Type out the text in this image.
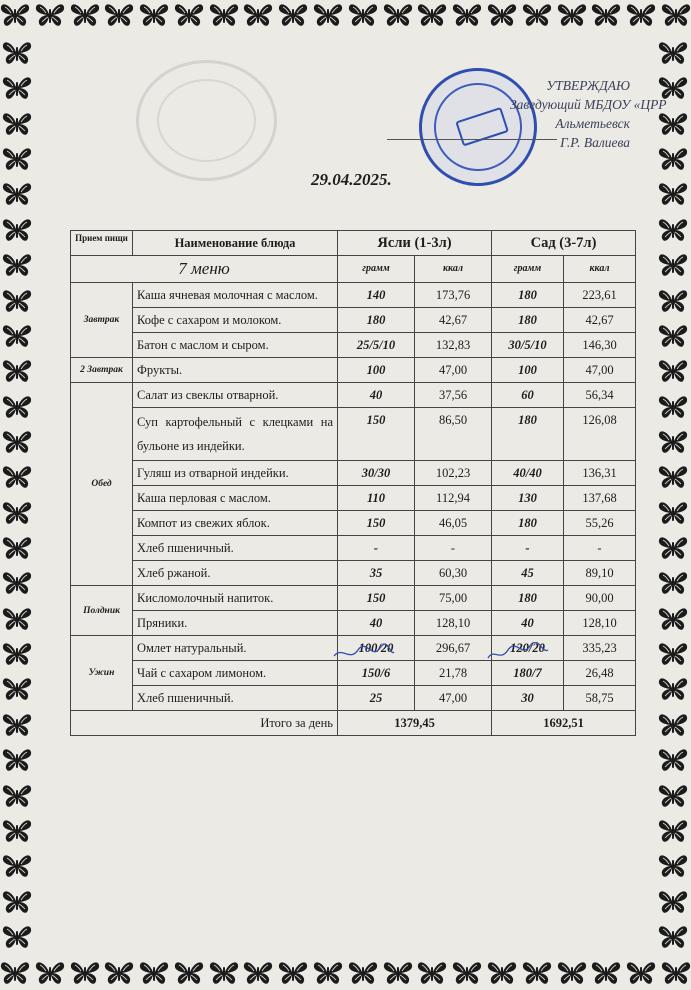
УТВЕРЖДАЮ
Заведующий МБДОУ «ЦРР
Альметьевск
Г.Р. Валиева
29.04.2025.
Прием пищи	Наименование блюда	Ясли (1-3л)		Сад (3-7л)	
7 меню		грамм	ккал	грамм	ккал
Завтрак	Каша ячневая молочная с маслом.	140	173,76	180	223,61
	Кофе с сахаром и молоком.	180	42,67	180	42,67
	Батон с маслом и сыром.	25/5/10	132,83	30/5/10	146,30
2 Завтрак	Фрукты.	100	47,00	100	47,00
Обед	Салат из свеклы отварной.	40	37,56	60	56,34
	Суп картофельный с клецками на бульоне из индейки.	150	86,50	180	126,08
	Гуляш из отварной индейки.	30/30	102,23	40/40	136,31
	Каша перловая с маслом.	110	112,94	130	137,68
	Компот из свежих яблок.	150	46,05	180	55,26
	Хлеб пшеничный.	-	-	-	-
	Хлеб ржаной.	35	60,30	45	89,10
Полдник	Кисломолочный напиток.	150	75,00	180	90,00
	Пряники.	40	128,10	40	128,10
Ужин	Омлет натуральный.	100/20	296,67	120/20	335,23
	Чай с сахаром лимоном.	150/6	21,78	180/7	26,48
	Хлеб пшеничный.	25	47,00	30	58,75
Итого за день		1379,45		1692,51	
